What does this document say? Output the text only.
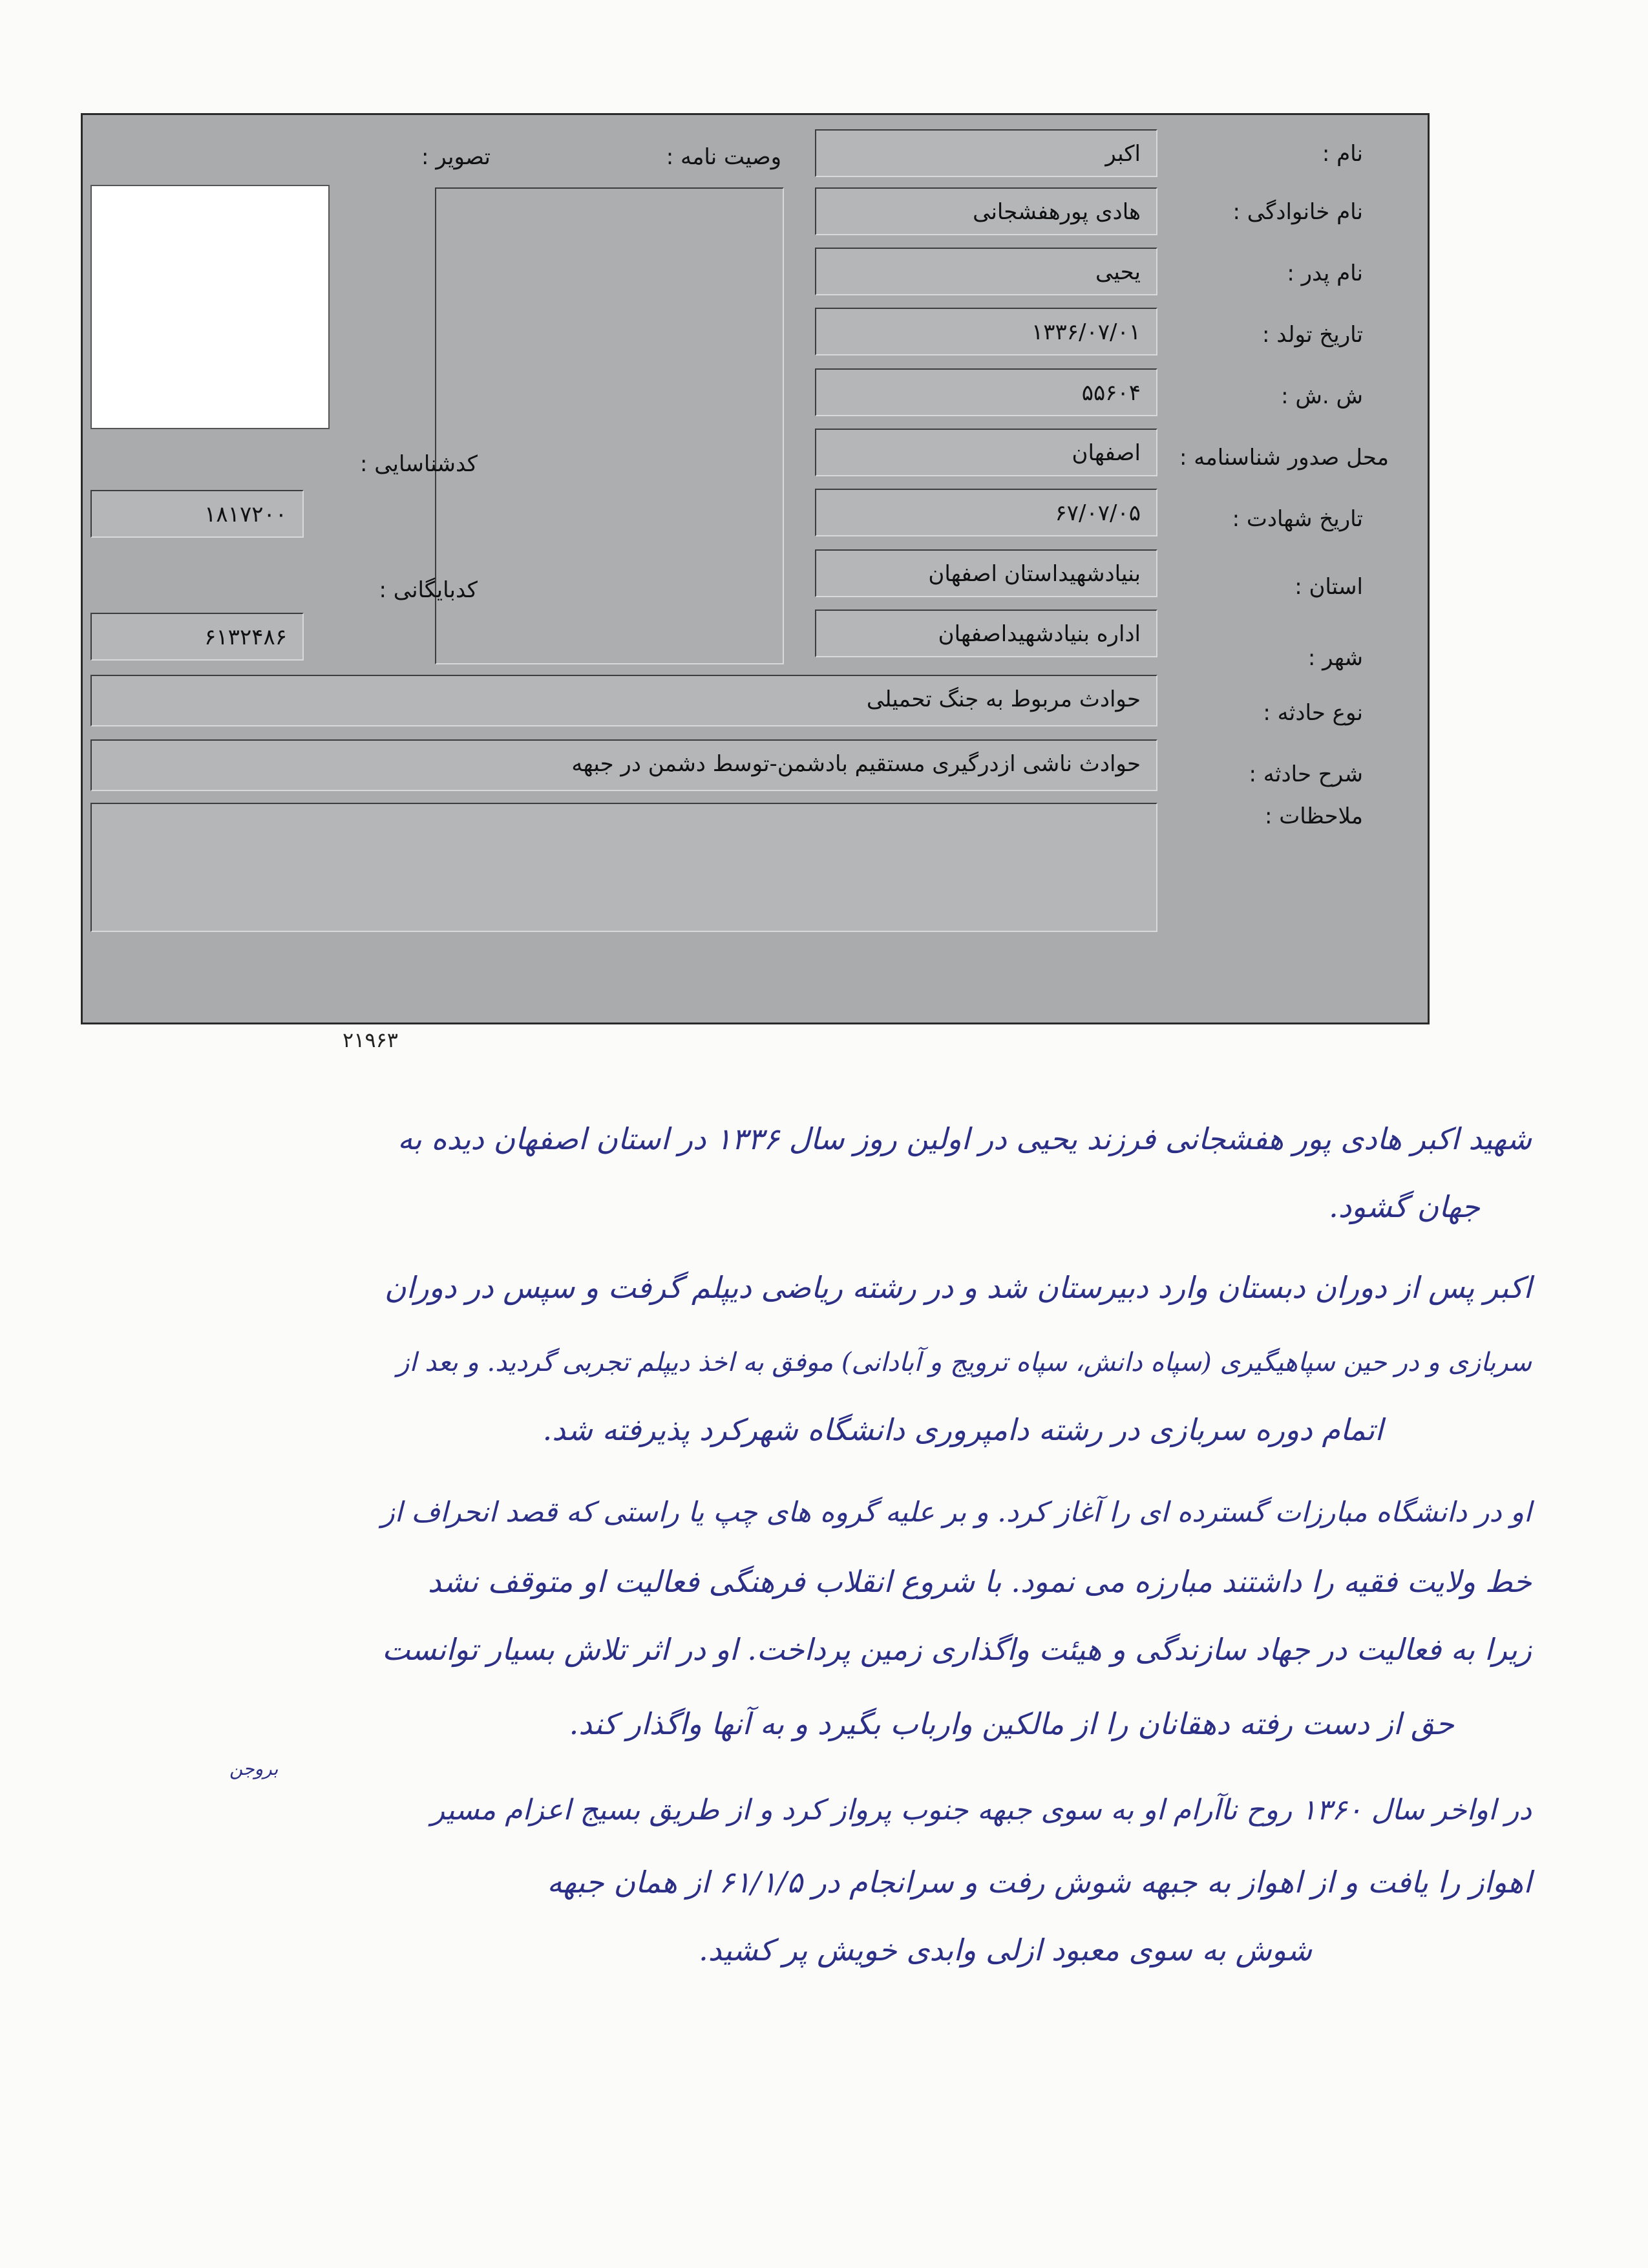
نام :
نام خانوادگی :
نام پدر :
تاریخ تولد :
ش .ش :
محل صدور شناسنامه :
تاریخ شهادت :
استان :
شهر :
نوع حادثه :
شرح حادثه :
ملاحظات :
اکبر
هادی پورهفشجانی
یحیی
۱۳۳۶/۰۷/۰۱
۵۵۶۰۴
اصفهان
۶۷/۰۷/۰۵
بنیادشهیداستان اصفهان
اداره بنیادشهیداصفهان
حوادث مربوط به جنگ تحمیلی
حوادث ناشی ازدرگیری مستقیم بادشمن-توسط دشمن در جبهه
وصیت نامه :
تصویر :
کدشناسایی :
۱۸۱۷۲۰۰
کدبایگانی :
۶۱۳۲۴۸۶
۲۱۹۶۳
شهید اکبر هادی پور هفشجانی فرزند یحیی در اولین روز سال ۱۳۳۶ در استان اصفهان دیده به
جهان گشود.
اکبر پس از دوران دبستان وارد دبیرستان شد و در رشته ریاضی دیپلم گرفت و سپس در دوران
سربازی و در حین سپاهیگیری (سپاه دانش، سپاه ترویج و آبادانی) موفق به اخذ دیپلم تجربی گردید. و بعد از
اتمام دوره سربازی در رشته دامپروری دانشگاه شهرکرد پذیرفته شد.
او در دانشگاه مبارزات گسترده ای را آغاز کرد. و بر علیه گروه های چپ یا راستی که قصد انحراف از
خط ولایت فقیه را داشتند مبارزه می نمود. با شروع انقلاب فرهنگی فعالیت او متوقف نشد
زیرا به فعالیت در جهاد سازندگی و هیئت واگذاری زمین پرداخت. او در اثر تلاش بسیار توانست
حق از دست رفته دهقانان را از مالکین وارباب بگیرد و به آنها واگذار کند.
بروجن
در اواخر سال ۱۳۶۰ روح ناآرام او به سوی جبهه جنوب پرواز کرد و از طریق بسیج اعزام مسیر
اهواز را یافت و از اهواز به جبهه شوش رفت و سرانجام در ۶۱/۱/۵ از همان جبهه
شوش به سوی معبود ازلی وابدی خویش پر کشید.
